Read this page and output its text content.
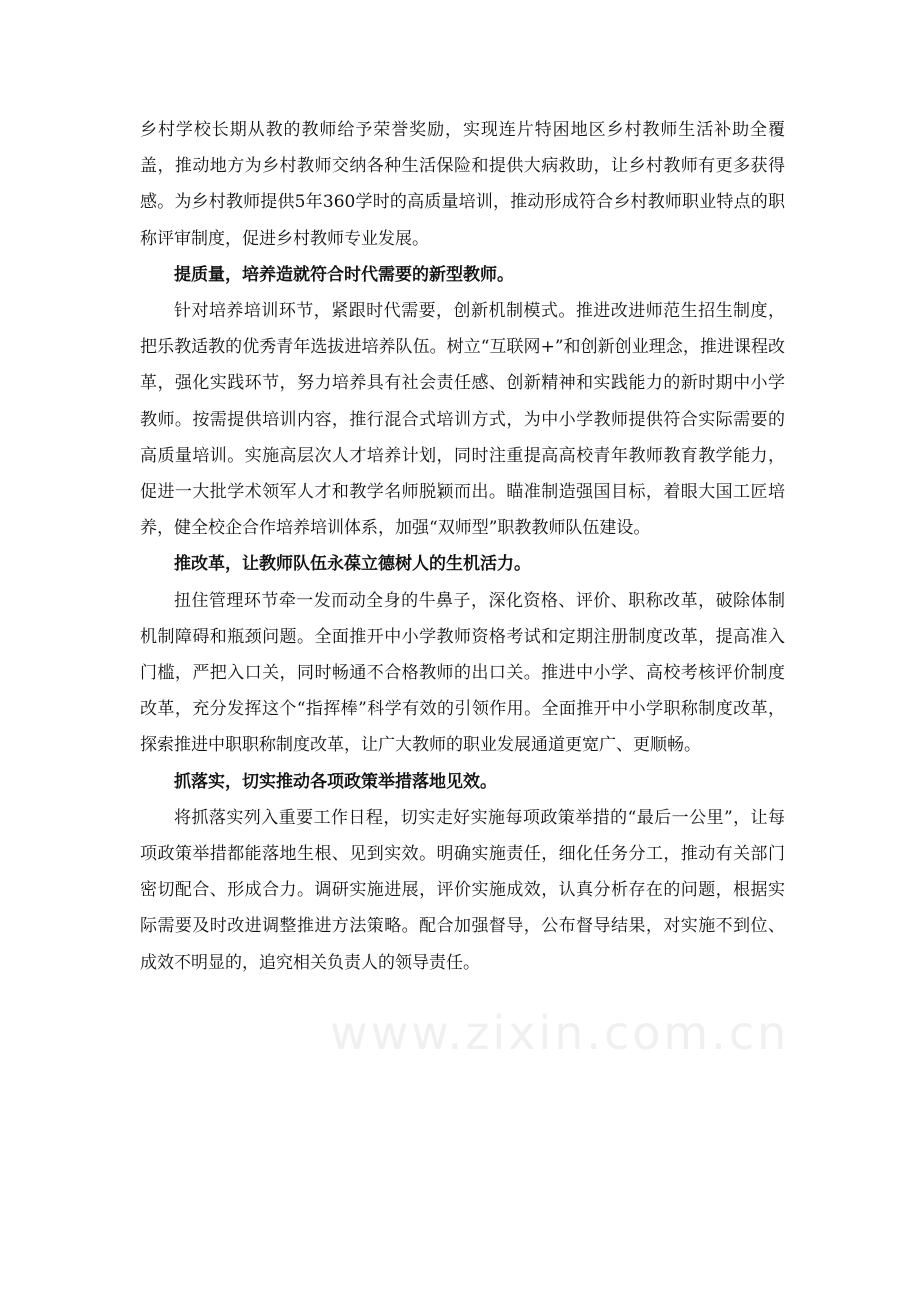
乡村学校长期从教的教师给予荣誉奖励，实现连片特困地区乡村教师生活补助全覆盖，推动地方为乡村教师交纳各种生活保险和提供大病救助，让乡村教师有更多获得感。为乡村教师提供5年360学时的高质量培训，推动形成符合乡村教师职业特点的职称评审制度，促进乡村教师专业发展。

提质量，培养造就符合时代需要的新型教师。

针对培养培训环节，紧跟时代需要，创新机制模式。推进改进师范生招生制度，把乐教适教的优秀青年选拔进培养队伍。树立“互联网+”和创新创业理念，推进课程改革，强化实践环节，努力培养具有社会责任感、创新精神和实践能力的新时期中小学教师。按需提供培训内容，推行混合式培训方式，为中小学教师提供符合实际需要的高质量培训。实施高层次人才培养计划，同时注重提高高校青年教师教育教学能力，促进一大批学术领军人才和教学名师脱颖而出。瞄准制造强国目标，着眼大国工匠培养，健全校企合作培养培训体系，加强“双师型”职教教师队伍建设。

推改革，让教师队伍永葆立德树人的生机活力。

扭住管理环节牵一发而动全身的牛鼻子，深化资格、评价、职称改革，破除体制机制障碍和瓶颈问题。全面推开中小学教师资格考试和定期注册制度改革，提高准入门槛，严把入口关，同时畅通不合格教师的出口关。推进中小学、高校考核评价制度改革，充分发挥这个“指挥棒”科学有效的引领作用。全面推开中小学职称制度改革，探索推进中职职称制度改革，让广大教师的职业发展通道更宽广、更顺畅。

抓落实，切实推动各项政策举措落地见效。

将抓落实列入重要工作日程，切实走好实施每项政策举措的“最后一公里”，让每项政策举措都能落地生根、见到实效。明确实施责任，细化任务分工，推动有关部门密切配合、形成合力。调研实施进展，评价实施成效，认真分析存在的问题，根据实际需要及时改进调整推进方法策略。配合加强督导，公布督导结果，对实施不到位、成效不明显的，追究相关负责人的领导责任。

www.zixin.com.cn
